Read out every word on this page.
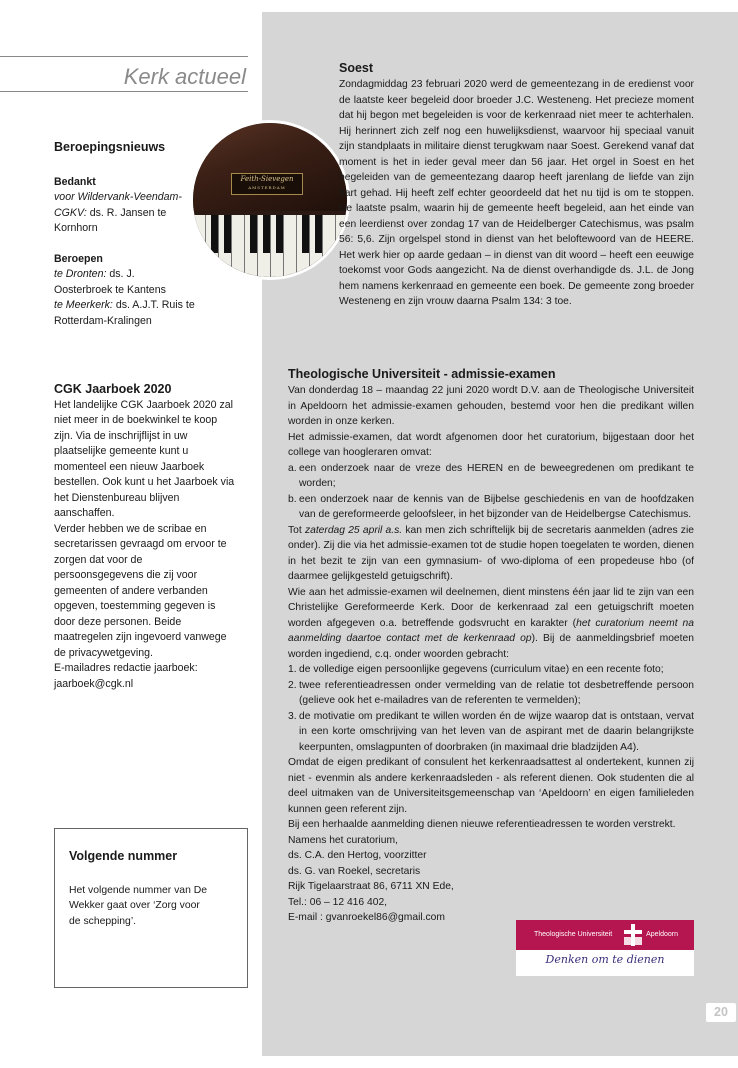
Kerk actueel
Feith-Sievegen
AMSTERDAM
Beroepingsnieuws
Bedankt
voor Wildervank-Veendam-CGKV: ds. R. Jansen te Kornhorn
Beroepen
te Dronten: ds. J. Oosterbroek te Kantens
te Meerkerk: ds. A.J.T. Ruis te Rotterdam-Kralingen
CGK Jaarboek 2020
Het landelijke CGK Jaarboek 2020 zal niet meer in de boekwinkel te koop zijn. Via de inschrijflijst in uw plaatselijke gemeente kunt u momenteel een nieuw Jaarboek bestellen. Ook kunt u het Jaarboek via het Dienstenbureau blijven aanschaffen.
Verder hebben we de scribae en secretarissen gevraagd om ervoor te zorgen dat voor de persoonsgegevens die zij voor gemeenten of andere verbanden opgeven, toestemming gegeven is door deze personen. Beide maatregelen zijn ingevoerd vanwege de privacywetgeving.
E-mailadres redactie jaarboek: jaarboek@cgk.nl
Volgende nummer
Het volgende nummer van De Wekker gaat over ‘Zorg voor de schepping’.
Soest

Zondagmiddag 23 februari 2020 werd de gemeentezang in de eredienst voor de laatste keer begeleid door broeder J.C. Westeneng. Het precieze moment dat hij begon met begeleiden is voor de kerkenraad niet meer te achterhalen. Hij herinnert zich zelf nog een huwelijksdienst, waarvoor hij speciaal vanuit zijn standplaats in militaire dienst terugkwam naar Soest. Gerekend vanaf dat moment is het in ieder geval meer dan 56 jaar. Het orgel in Soest en het begeleiden van de gemeentezang daarop heeft jarenlang de liefde van zijn hart gehad. Hij heeft zelf echter geoordeeld dat het nu tijd is om te stoppen. De laatste psalm, waarin hij de gemeente heeft begeleid, aan het einde van een leerdienst over zondag 17 van de Heidelberger Catechismus, was psalm 56: 5,6. Zijn orgelspel stond in dienst van het beloftewoord van de HEERE. Het werk hier op aarde gedaan – in dienst van dit woord – heeft een eeuwige toekomst voor Gods aangezicht. Na de dienst overhandigde ds. J.L. de Jong hem namens kerkenraad en gemeente een boek. De gemeente zong broeder Westeneng en zijn vrouw daarna Psalm 134: 3 toe.

Theologische Universiteit - admissie-examen

Van donderdag 18 – maandag 22 juni 2020 wordt D.V. aan de Theologische Universiteit in Apeldoorn het admissie-examen gehouden, bestemd voor hen die predikant willen worden in onze kerken.

Het admissie-examen, dat wordt afgenomen door het curatorium, bijgestaan door het college van hoogleraren omvat:

a. een onderzoek naar de vreze des HEREN en de beweegredenen om predikant te worden;

b. een onderzoek naar de kennis van de Bijbelse geschiedenis en van de hoofdzaken van de gereformeerde geloofsleer, in het bijzonder van de Heidelbergse Catechismus.

Tot zaterdag 25 april a.s. kan men zich schriftelijk bij de secretaris aanmelden (adres zie onder). Zij die via het admissie-examen tot de studie hopen toegelaten te worden, dienen in het bezit te zijn van een gymnasium- of vwo-diploma of een propedeuse hbo (of daarmee gelijkgesteld getuigschrift).

Wie aan het admissie-examen wil deelnemen, dient minstens één jaar lid te zijn van een Christelijke Gereformeerde Kerk. Door de kerkenraad zal een getuigschrift moeten worden afgegeven o.a. betreffende godsvrucht en karakter (het curatorium neemt na aanmelding daartoe contact met de kerkenraad op). Bij de aanmeldingsbrief moeten worden ingediend, c.q. onder woorden gebracht:

1. de volledige eigen persoonlijke gegevens (curriculum vitae) en een recente foto;

2. twee referentieadressen onder vermelding van de relatie tot desbetreffende persoon (gelieve ook het e-mailadres van de referenten te vermelden);

3. de motivatie om predikant te willen worden én de wijze waarop dat is ontstaan, vervat in een korte omschrijving van het leven van de aspirant met de daarin belangrijkste keerpunten, omslagpunten of doorbraken (in maximaal drie bladzijden A4).

Omdat de eigen predikant of consulent het kerkenraadsattest al ondertekent, kunnen zij niet - evenmin als andere kerkenraadsleden - als referent dienen. Ook studenten die al deel uitmaken van de Universiteitsgemeenschap van ‘Apeldoorn’ en eigen familieleden kunnen geen referent zijn.

Bij een herhaalde aanmelding dienen nieuwe referentieadressen te worden verstrekt.

Namens het curatorium,

ds. C.A. den Hertog, voorzitter

ds. G. van Roekel, secretaris

Rijk Tigelaarstraat 86, 6711 XN Ede,

Tel.: 06 – 12 416 402,

E-mail : gvanroekel86@gmail.com

Theologische Universiteit	Apeldoorn
Denken om te dienen
20
